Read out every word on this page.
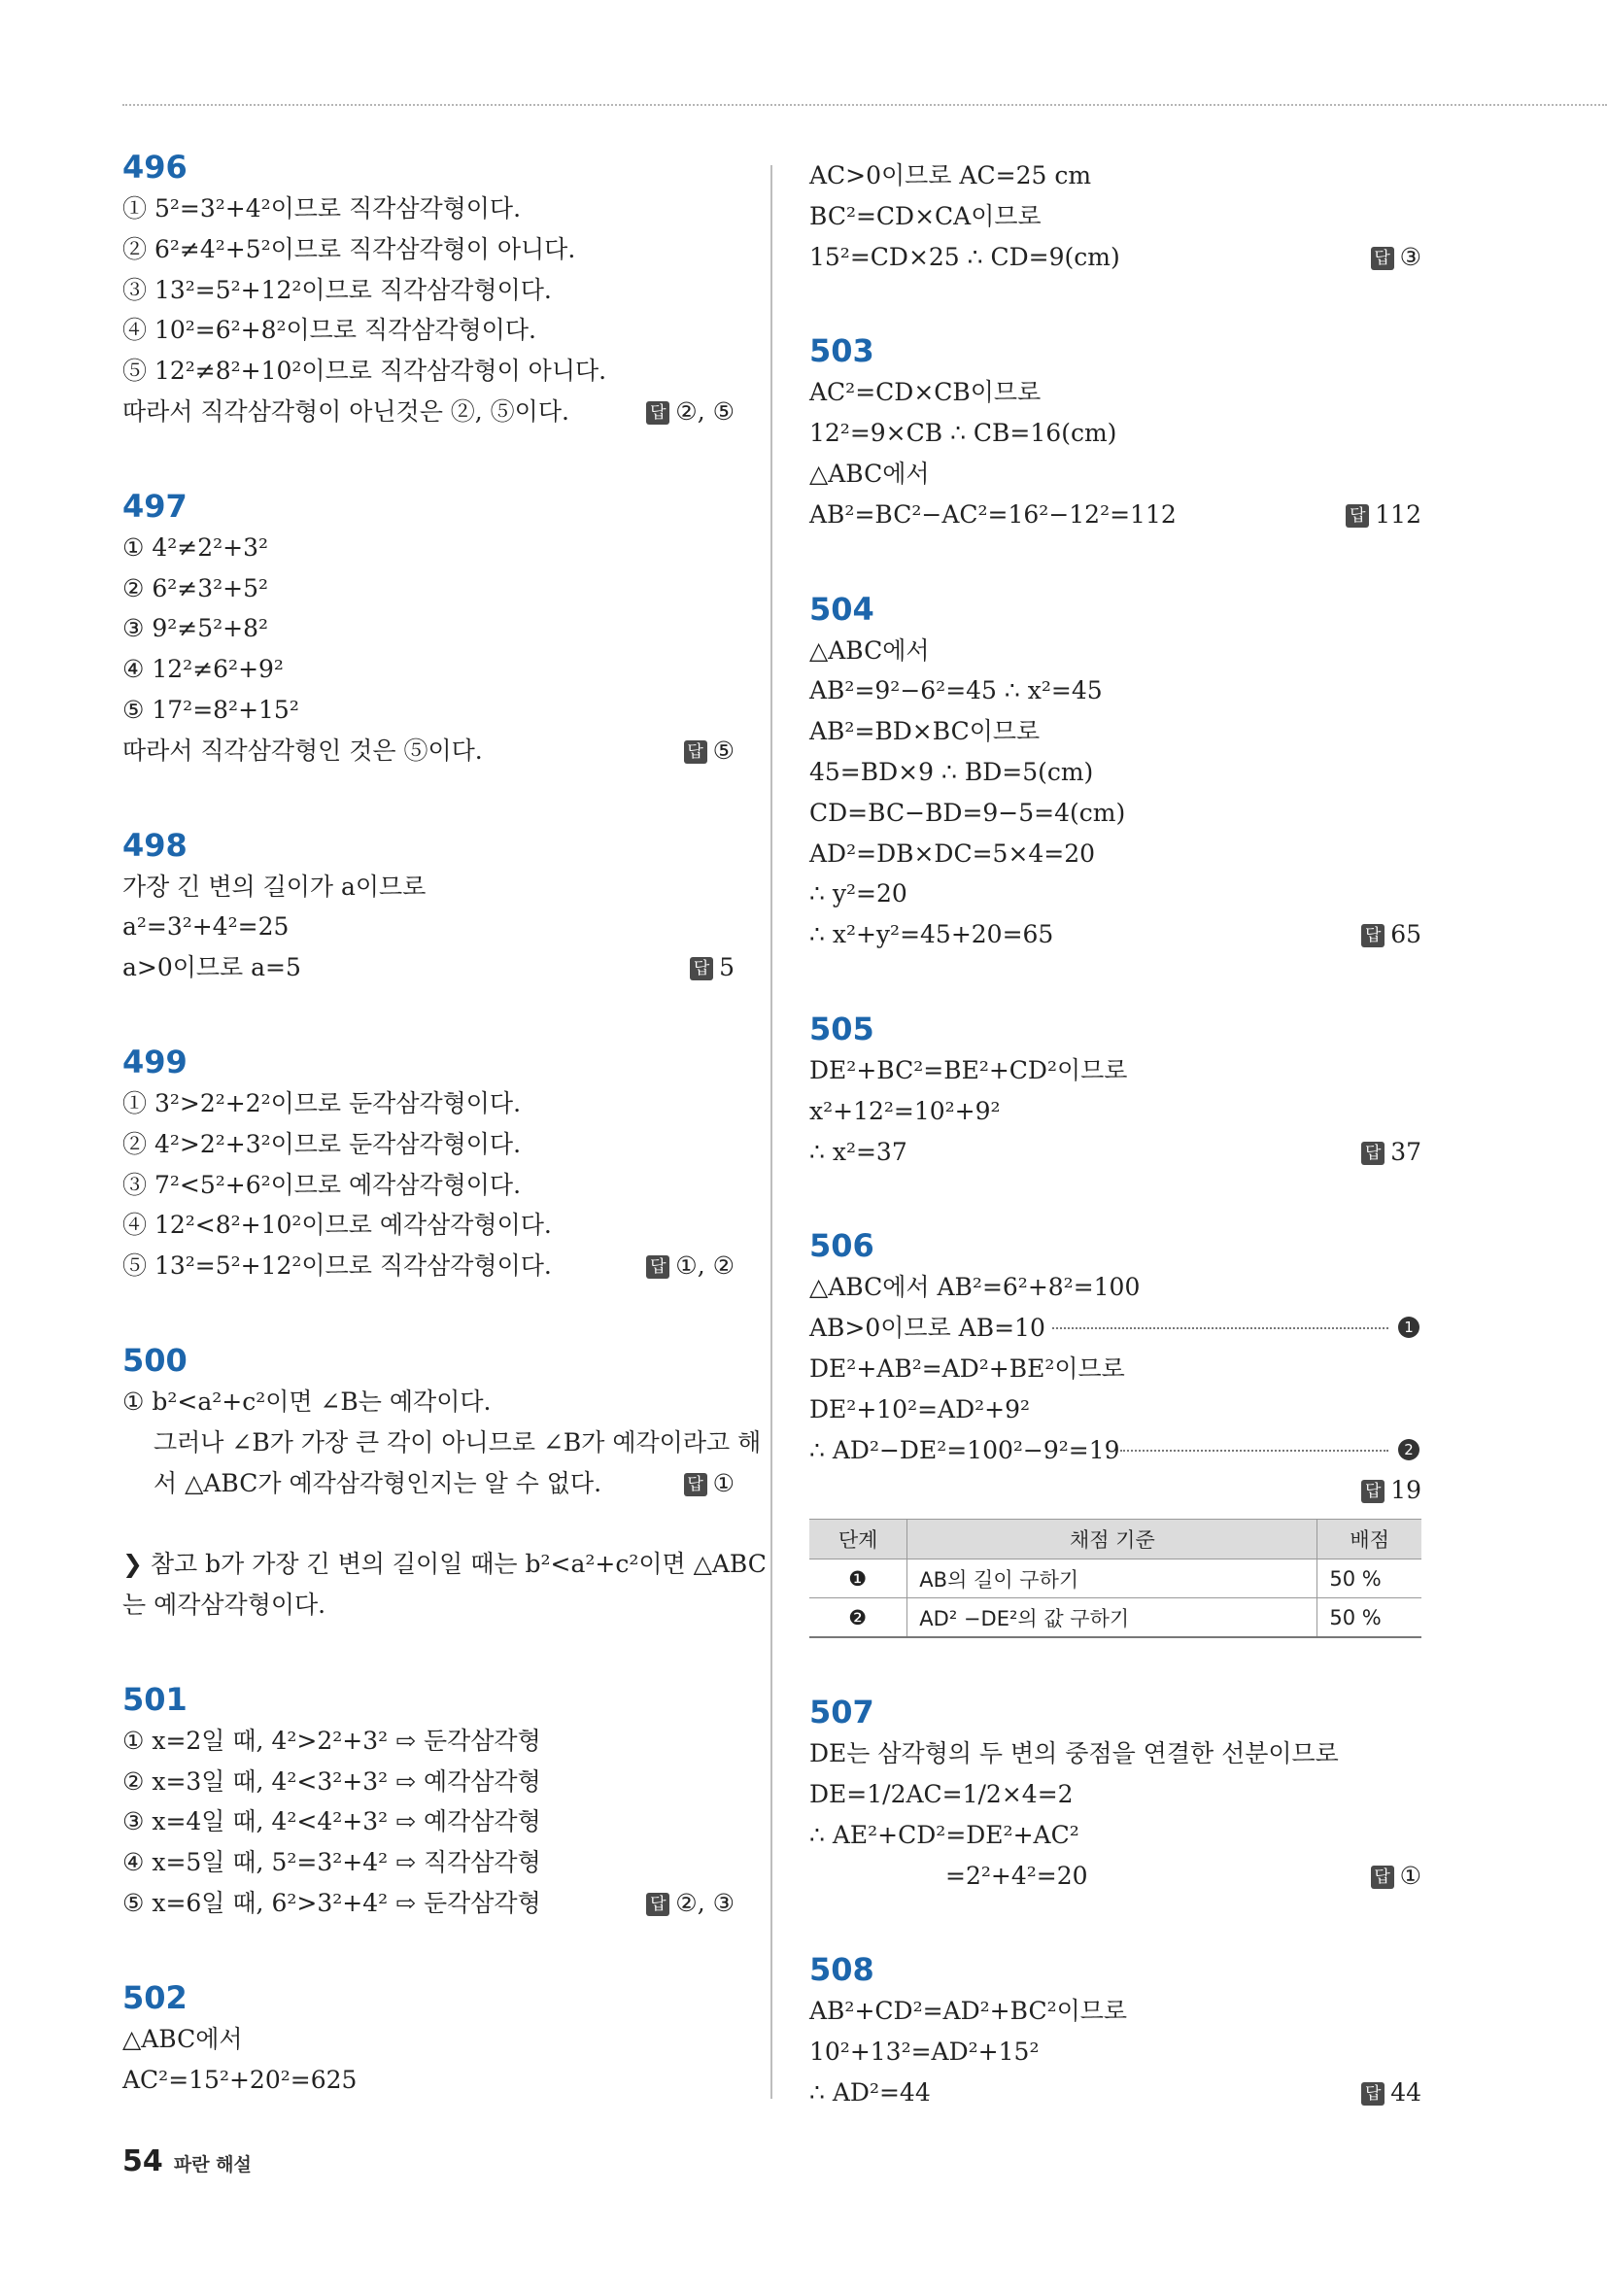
496
① 5²=3²+4²이므로 직각삼각형이다.
② 6²≠4²+5²이므로 직각삼각형이 아니다.
③ 13²=5²+12²이므로 직각삼각형이다.
④ 10²=6²+8²이므로 직각삼각형이다.
⑤ 12²≠8²+10²이므로 직각삼각형이 아니다.
따라서 직각삼각형이 아닌것은 ②, ⑤이다.	답 ②, ⑤
497
① 4²≠2²+3²
② 6²≠3²+5²
③ 9²≠5²+8²
④ 12²≠6²+9²
⑤ 17²=8²+15²
따라서 직각삼각형인 것은 ⑤이다.	답 ⑤
498
가장 긴 변의 길이가 a이므로
a²=3²+4²=25
a>0이므로 a=5	답 5
499
① 3²>2²+2²이므로 둔각삼각형이다.
② 4²>2²+3²이므로 둔각삼각형이다.
③ 7²<5²+6²이므로 예각삼각형이다.
④ 12²<8²+10²이므로 예각삼각형이다.
⑤ 13²=5²+12²이므로 직각삼각형이다.	답 ①, ②
500
① b²<a²+c²이면 ∠B는 예각이다.
그러나 ∠B가 가장 큰 각이 아니므로 ∠B가 예각이라고 해
서 △ABC가 예각삼각형인지는 알 수 없다.	답 ①
❯ 참고 b가 가장 긴 변의 길이일 때는 b²<a²+c²이면 △ABC
는 예각삼각형이다.
501
① x=2일 때, 4²>2²+3² ⇨ 둔각삼각형
② x=3일 때, 4²<3²+3² ⇨ 예각삼각형
③ x=4일 때, 4²<4²+3² ⇨ 예각삼각형
④ x=5일 때, 5²=3²+4² ⇨ 직각삼각형
⑤ x=6일 때, 6²>3²+4² ⇨ 둔각삼각형	답 ②, ③
502
△ABC에서
AC²=15²+20²=625
AC>0이므로 AC=25 cm
BC²=CD×CA이므로
15²=CD×25 ∴ CD=9(cm)	답 ③
503
AC²=CD×CB이므로
12²=9×CB ∴ CB=16(cm)
△ABC에서
AB²=BC²−AC²=16²−12²=112	답 112
504
△ABC에서
AB²=9²−6²=45 ∴ x²=45
AB²=BD×BC이므로
45=BD×9 ∴ BD=5(cm)
CD=BC−BD=9−5=4(cm)
AD²=DB×DC=5×4=20
∴ y²=20
∴ x²+y²=45+20=65	답 65
505
DE²+BC²=BE²+CD²이므로
x²+12²=10²+9²
∴ x²=37	답 37
506
△ABC에서 AB²=6²+8²=100
AB>0이므로 AB=10	1
DE²+AB²=AD²+BE²이므로
DE²+10²=AD²+9²
∴ AD²−DE²=100²−9²=19	2
답 19
단계	채점 기준	배점
❶	AB의 길이 구하기	50 %
❷	AD² −DE²의 값 구하기	50 %
507
DE는 삼각형의 두 변의 중점을 연결한 선분이므로
DE=1/2AC=1/2×4=2
∴ AE²+CD²=DE²+AC²
=2²+4²=20	답 ①
508
AB²+CD²=AD²+BC²이므로
10²+13²=AD²+15²
∴ AD²=44	답 44
54 파란 해설
